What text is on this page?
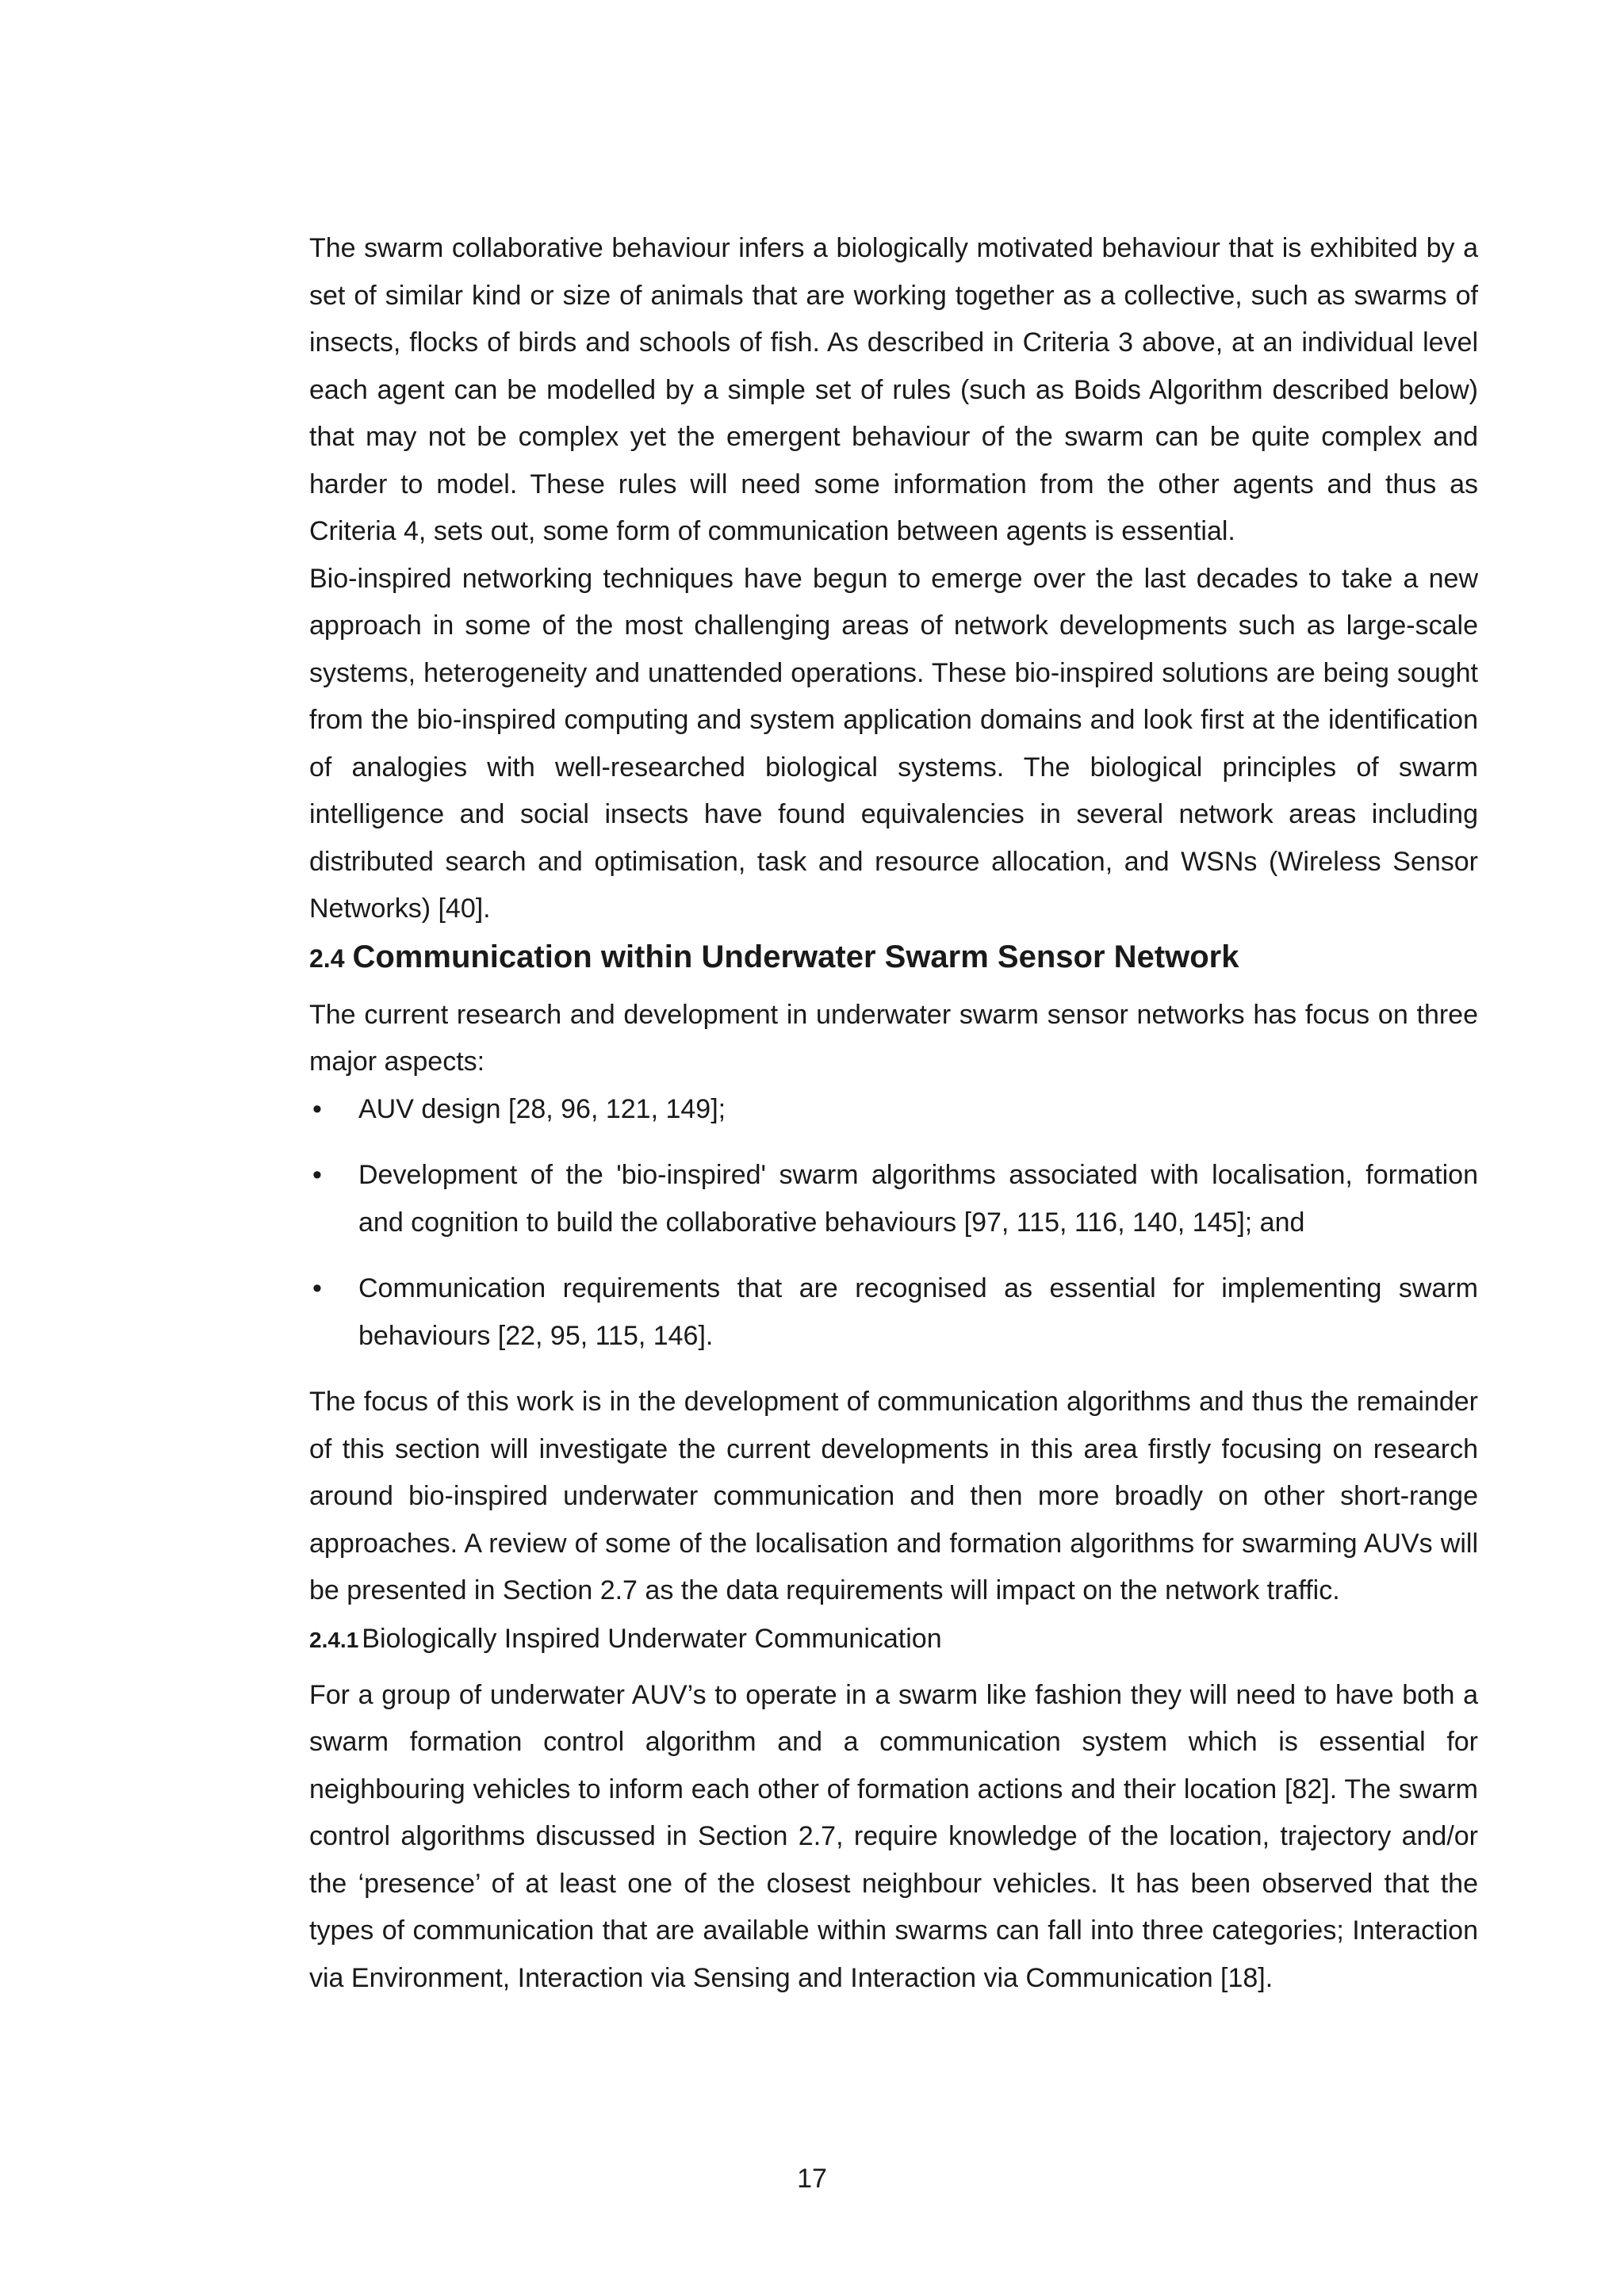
The swarm collaborative behaviour infers a biologically motivated behaviour that is exhibited by a set of similar kind or size of animals that are working together as a collective, such as swarms of insects, flocks of birds and schools of fish. As described in Criteria 3 above, at an individual level each agent can be modelled by a simple set of rules (such as Boids Algorithm described below) that may not be complex yet the emergent behaviour of the swarm can be quite complex and harder to model. These rules will need some information from the other agents and thus as Criteria 4, sets out, some form of communication between agents is essential.

Bio-inspired networking techniques have begun to emerge over the last decades to take a new approach in some of the most challenging areas of network developments such as large-scale systems, heterogeneity and unattended operations. These bio-inspired solutions are being sought from the bio-inspired computing and system application domains and look first at the identification of analogies with well-researched biological systems. The biological principles of swarm intelligence and social insects have found equivalencies in several network areas including distributed search and optimisation, task and resource allocation, and WSNs (Wireless Sensor Networks) [40].

2.4 Communication within Underwater Swarm Sensor Network

The current research and development in underwater swarm sensor networks has focus on three major aspects:

• AUV design [28, 96, 121, 149];

• Development of the 'bio-inspired' swarm algorithms associated with localisation, formation and cognition to build the collaborative behaviours [97, 115, 116, 140, 145]; and

• Communication requirements that are recognised as essential for implementing swarm behaviours [22, 95, 115, 146].

The focus of this work is in the development of communication algorithms and thus the remainder of this section will investigate the current developments in this area firstly focusing on research around bio-inspired underwater communication and then more broadly on other short-range approaches. A review of some of the localisation and formation algorithms for swarming AUVs will be presented in Section 2.7 as the data requirements will impact on the network traffic.

2.4.1 Biologically Inspired Underwater Communication

For a group of underwater AUV’s to operate in a swarm like fashion they will need to have both a swarm formation control algorithm and a communication system which is essential for neighbouring vehicles to inform each other of formation actions and their location [82]. The swarm control algorithms discussed in Section 2.7, require knowledge of the location, trajectory and/or the ‘presence’ of at least one of the closest neighbour vehicles. It has been observed that the types of communication that are available within swarms can fall into three categories; Interaction via Environment, Interaction via Sensing and Interaction via Communication [18].

17
